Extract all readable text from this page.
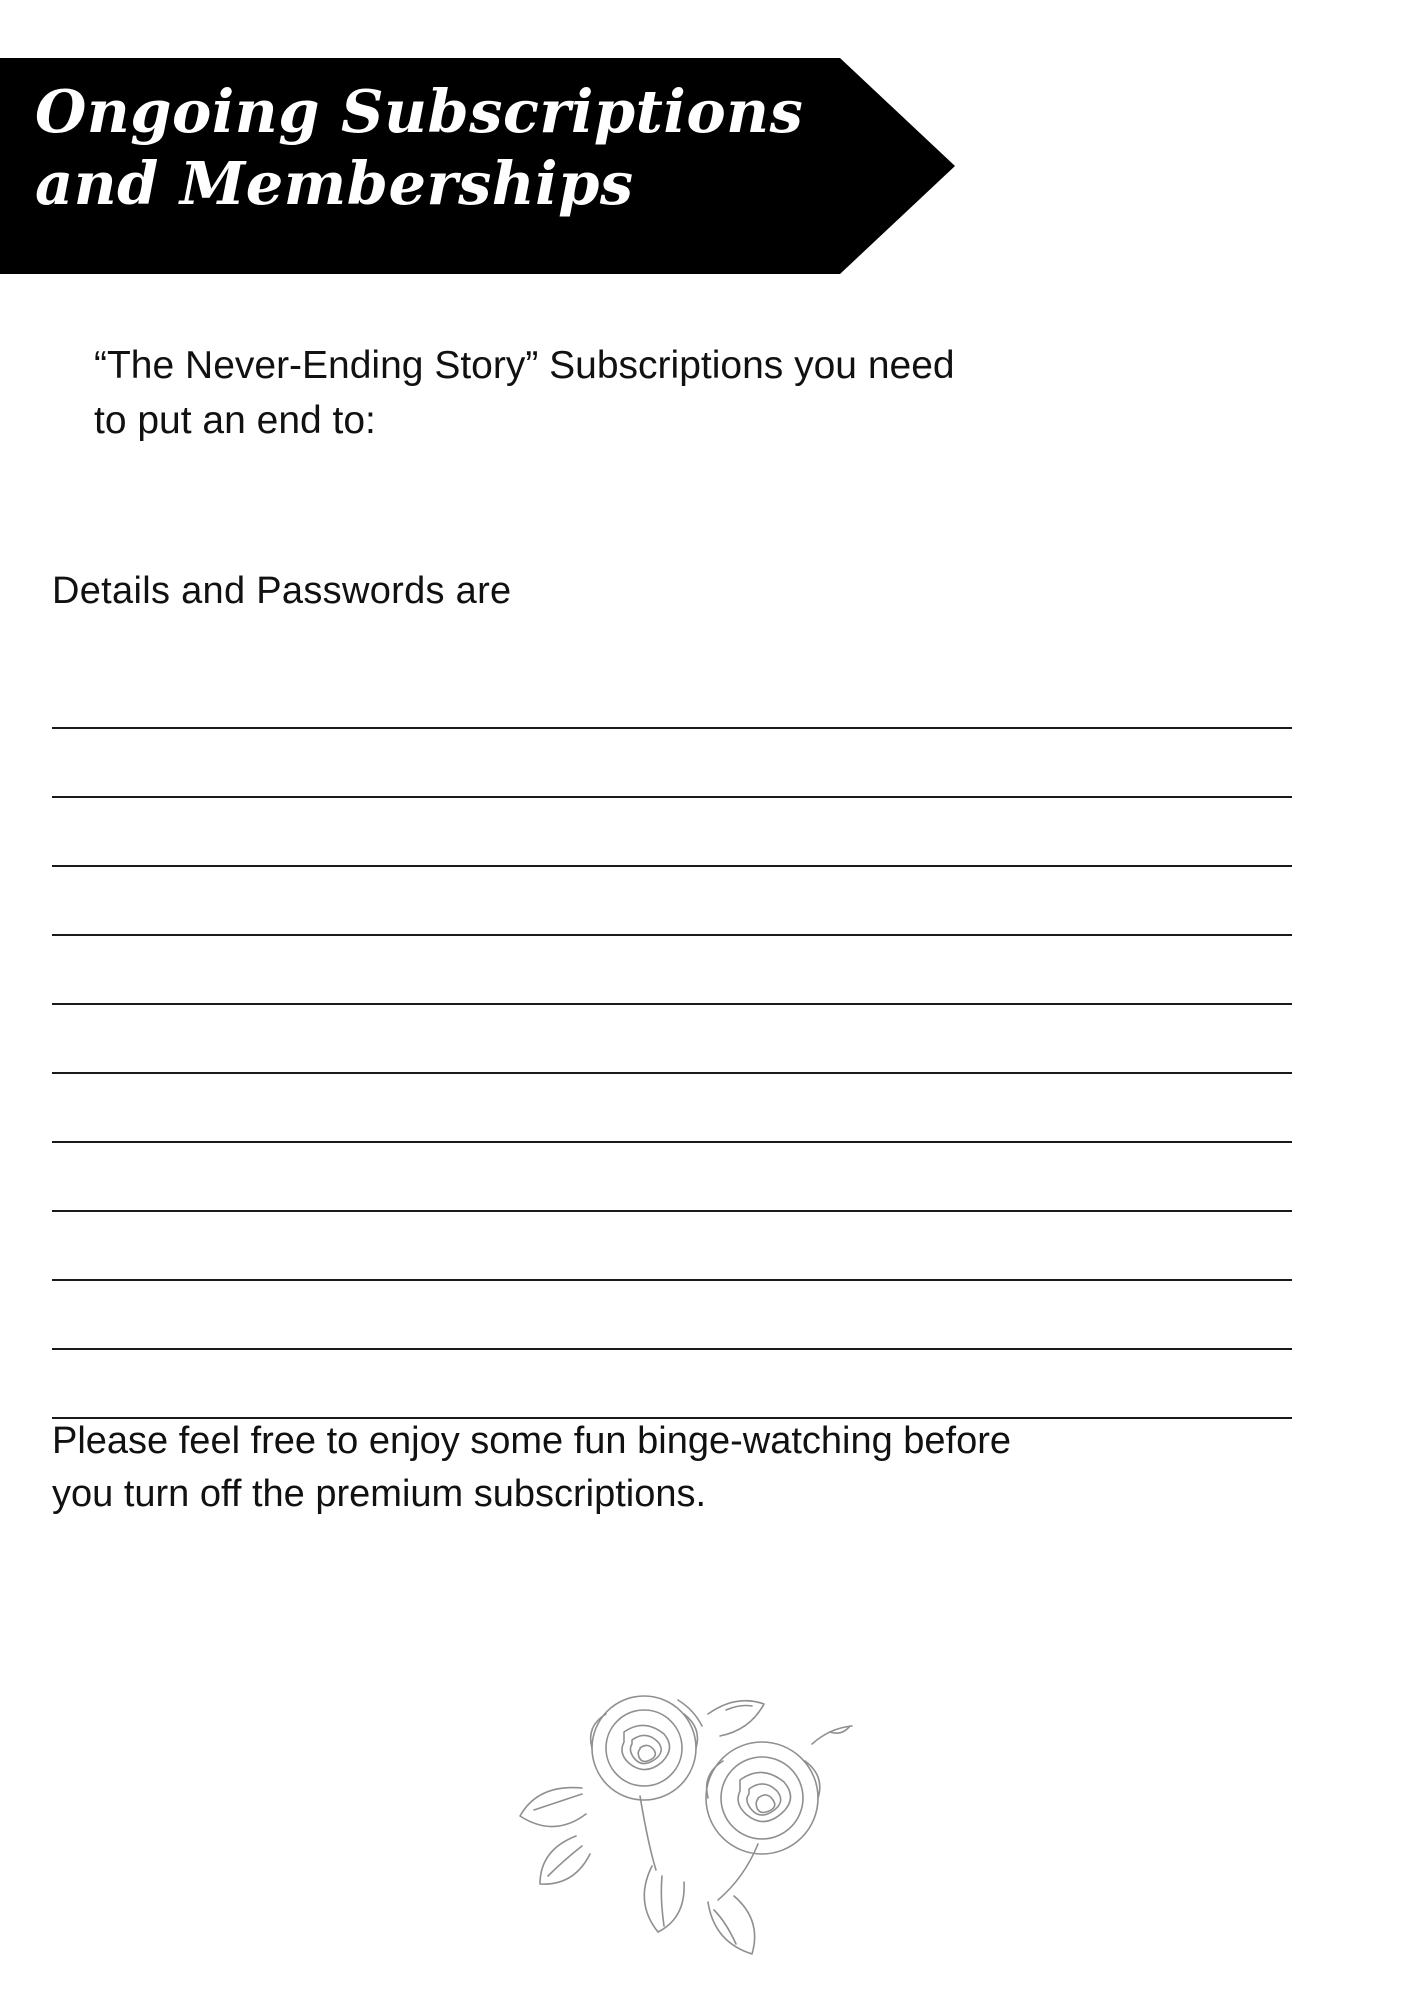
Ongoing Subscriptions
and Memberships
“The Never-Ending Story” Subscriptions you need
to put an end to:
Details and Passwords are
Please feel free to enjoy some fun binge-watching before
you turn off the premium subscriptions.
